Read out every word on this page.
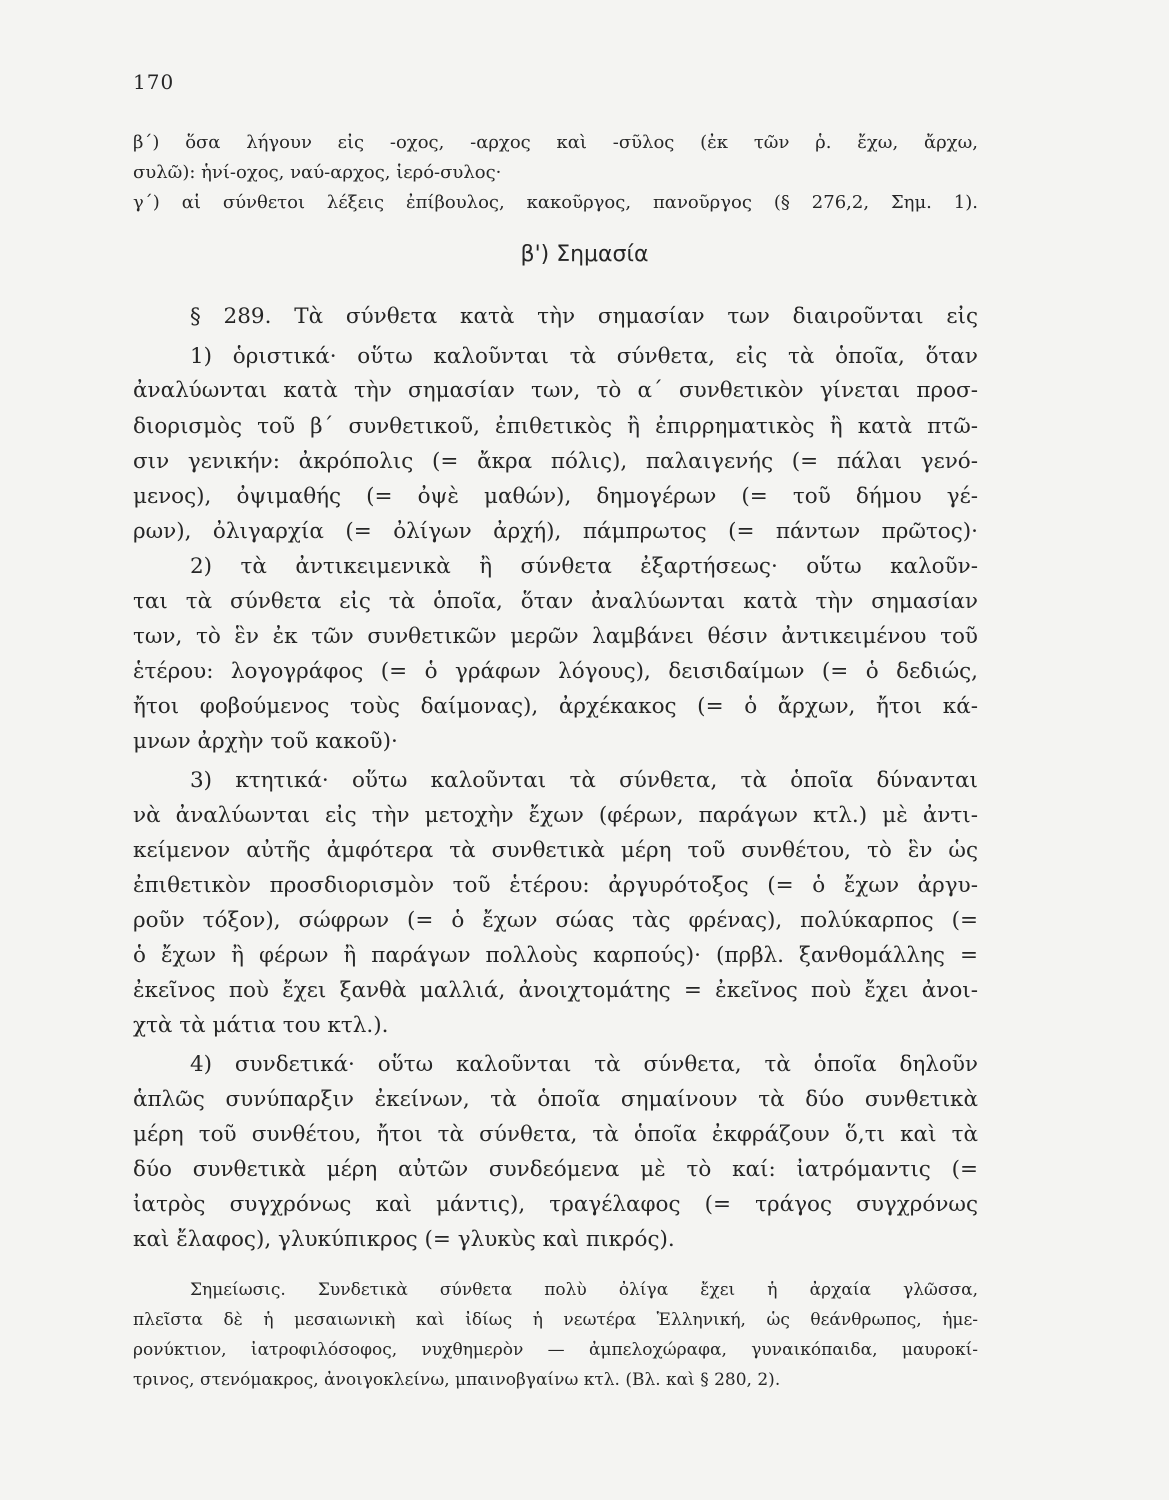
170
β΄) ὅσα λήγουν εἰς -οχος, -αρχος καὶ -σῦλος (ἐκ τῶν ῥ. ἔχω, ἄρχω,
συλῶ): ἡνί-οχος, ναύ-αρχος, ἱερό-συλος·
γ΄) αἱ σύνθετοι λέξεις ἐπίβουλος, κακοῦργος, πανοῦργος (§ 276,2, Σημ. 1).
β') Σημασία
§ 289. Τὰ σύνθετα κατὰ τὴν σημασίαν των διαιροῦνται εἰς
1) ὁριστικά· οὕτω καλοῦνται τὰ σύνθετα, εἰς τὰ ὁποῖα, ὅταν
ἀναλύωνται κατὰ τὴν σημασίαν των, τὸ α΄ συνθετικὸν γίνεται προσ-
διορισμὸς τοῦ β΄ συνθετικοῦ, ἐπιθετικὸς ἢ ἐπιρρηματικὸς ἢ κατὰ πτῶ-
σιν γενικήν: ἀκρόπολις (= ἄκρα πόλις), παλαιγενής (= πάλαι γενό-
μενος), ὀψιμαθής (= ὀψὲ μαθών), δημογέρων (= τοῦ δήμου γέ-
ρων), ὀλιγαρχία (= ὀλίγων ἀρχή), πάμπρωτος (= πάντων πρῶτος)·
2) τὰ ἀντικειμενικὰ ἢ σύνθετα ἐξαρτήσεως· οὕτω καλοῦν-
ται τὰ σύνθετα εἰς τὰ ὁποῖα, ὅταν ἀναλύωνται κατὰ τὴν σημασίαν
των, τὸ ἓν ἐκ τῶν συνθετικῶν μερῶν λαμβάνει θέσιν ἀντικειμένου τοῦ
ἑτέρου: λογογράφος (= ὁ γράφων λόγους), δεισιδαίμων (= ὁ δεδιώς,
ἤτοι φοβούμενος τοὺς δαίμονας), ἀρχέκακος (= ὁ ἄρχων, ἤτοι κά-
μνων ἀρχὴν τοῦ κακοῦ)·
3) κτητικά· οὕτω καλοῦνται τὰ σύνθετα, τὰ ὁποῖα δύνανται
νὰ ἀναλύωνται εἰς τὴν μετοχὴν ἔχων (φέρων, παράγων κτλ.) μὲ ἀντι-
κείμενον αὐτῆς ἀμφότερα τὰ συνθετικὰ μέρη τοῦ συνθέτου, τὸ ἓν ὡς
ἐπιθετικὸν προσδιορισμὸν τοῦ ἑτέρου: ἀργυρότοξος (= ὁ ἔχων ἀργυ-
ροῦν τόξον), σώφρων (= ὁ ἔχων σώας τὰς φρένας), πολύκαρπος (=
ὁ ἔχων ἢ φέρων ἢ παράγων πολλοὺς καρπούς)· (πρβλ. ξανθομάλλης =
ἐκεῖνος ποὺ ἔχει ξανθὰ μαλλιά, ἀνοιχτομάτης = ἐκεῖνος ποὺ ἔχει ἀνοι-
χτὰ τὰ μάτια του κτλ.).
4) συνδετικά· οὕτω καλοῦνται τὰ σύνθετα, τὰ ὁποῖα δηλοῦν
ἁπλῶς συνύπαρξιν ἐκείνων, τὰ ὁποῖα σημαίνουν τὰ δύο συνθετικὰ
μέρη τοῦ συνθέτου, ἤτοι τὰ σύνθετα, τὰ ὁποῖα ἐκφράζουν ὅ,τι καὶ τὰ
δύο συνθετικὰ μέρη αὐτῶν συνδεόμενα μὲ τὸ καί: ἰατρόμαντις (=
ἰατρὸς συγχρόνως καὶ μάντις), τραγέλαφος (= τράγος συγχρόνως
καὶ ἔλαφος), γλυκύπικρος (= γλυκὺς καὶ πικρός).
Σημείωσις. Συνδετικὰ σύνθετα πολὺ ὀλίγα ἔχει ἡ ἀρχαία γλῶσσα,
πλεῖστα δὲ ἡ μεσαιωνικὴ καὶ ἰδίως ἡ νεωτέρα Ἑλληνική, ὡς θεάνθρωπος, ἡμε-
ρονύκτιον, ἰατροφιλόσοφος, νυχθημερὸν — ἀμπελοχώραφα, γυναικόπαιδα, μαυροκί-
τρινος, στενόμακρος, ἀνοιγοκλείνω, μπαινοβγαίνω κτλ. (Βλ. καὶ § 280, 2).
